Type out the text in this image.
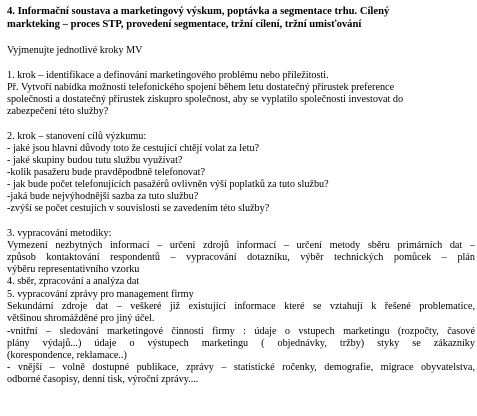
4. Informační soustava a marketingový výskum, poptávka a segmentace trhu. Cílený

markteking – proces STP, provedení segmentace, tržní cílení, tržní umisťování

Vyjmenujte jednotlivé kroky MV

1. krok – identifikace a definování marketingového problému nebo příležitosti.

Př. Vytvoří nabídka možnosti telefonického spojení během letu dostatečný přírustek preference

společnosti a dostatečný přírustek ziskupro společnost, aby se vyplatilo společnosti investovat do

zabezpečení této služby?

2. krok – stanovení cílů výzkumu:

- jaké jsou hlavní důvody toto že cestující chtějí volat za letu?

- jaké skupiny budou tutu službu využívat?

-kolik pasažeru bude pravděpodbně telefonovat?

- jak bude počet telefonujících pasažérů ovlivněn výší poplatků za tuto službu?

-jaká bude nejvýhodnější sazba za tuto službu?

-zvýší se počet cestujích v souvislosti se zavedením této služby?

3. vypracování metodiky:

Vymezení nezbytných informací – určení zdrojů informací – určení metody sběru primárních dat –

způsob kontaktování respondentů – vypracování dotazníku, výběr technických pomůcek – plán

výběru representativního vzorku

4. sběr, zpracování a analýza dat

5. vypracování zprávy pro management firmy

Sekundární zdroje dat – veškeré již existující informace které se vztahují k řešené problematice,

většinou shromážděné pro jiný účel.

-vnitřní – sledování marketingové činnosti firmy : údaje o vstupech marketingu (rozpočty, časové

plány výdajů...) údaje o výstupech marketingu ( objednávky, tržby) styky se zákazníky

(korespondence, reklamace..)

- vnější – volně dostupné publikace, zprávy – statistické ročenky, demografie, migrace obyvatelstva,

odborné časopisy, denní tisk, výroční zprávy....
